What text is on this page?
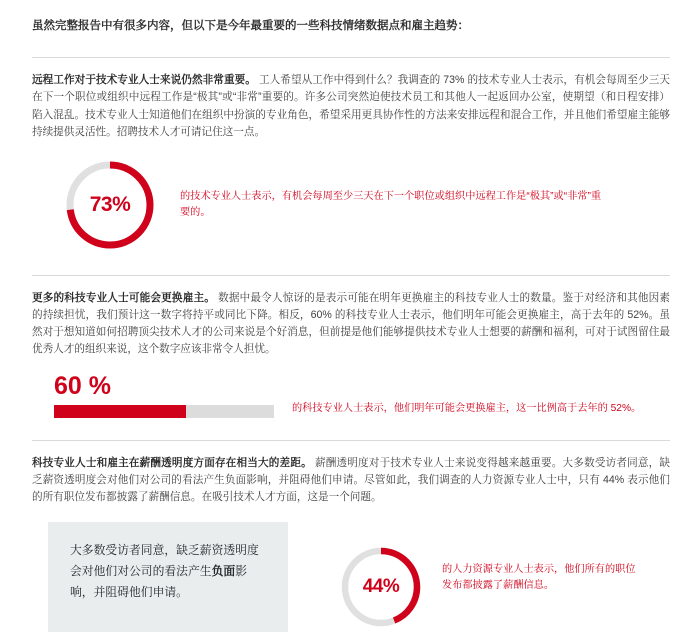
虽然完整报告中有很多内容，但以下是今年最重要的一些科技情绪数据点和雇主趋势：
远程工作对于技术专业人士来说仍然非常重要。 工人希望从工作中得到什么？我调查的 73% 的技术专业人士表示，有机会每周至少三天在下一个职位或组织中远程工作是“极其”或“非常”重要的。许多公司突然迫使技术员工和其他人一起返回办公室，使期望（和日程安排）陷入混乱。技术专业人士知道他们在组织中扮演的专业角色，希望采用更具协作性的方法来安排远程和混合工作，并且他们希望雇主能够持续提供灵活性。招聘技术人才可请记住这一点。
73%	的技术专业人士表示，有机会每周至少三天在下一个职位或组织中远程工作是“极其”或“非常”重要的。
更多的科技专业人士可能会更换雇主。 数据中最令人惊讶的是表示可能在明年更换雇主的科技专业人士的数量。鉴于对经济和其他因素的持续担忧，我们预计这一数字将持平或同比下降。相反，60% 的科技专业人士表示，他们明年可能会更换雇主，高于去年的 52%。虽然对于想知道如何招聘顶尖技术人才的公司来说是个好消息，但前提是他们能够提供技术专业人士想要的薪酬和福利，可对于试图留住最优秀人才的组织来说，这个数字应该非常令人担忧。
60 %
的科技专业人士表示，他们明年可能会更换雇主，这一比例高于去年的 52%。
科技专业人士和雇主在薪酬透明度方面存在相当大的差距。 薪酬透明度对于技术专业人士来说变得越来越重要。大多数受访者同意，缺乏薪资透明度会对他们对公司的看法产生负面影响，并阻碍他们申请。尽管如此，我们调查的人力资源专业人士中，只有 44% 表示他们的所有职位发布都披露了薪酬信息。在吸引技术人才方面，这是一个问题。
大多数受访者同意，缺乏薪资透明度会对他们对公司的看法产生负面影响，并阻碍他们申请。	44%
的人力资源专业人士表示，他们所有的职位发布都披露了薪酬信息。
